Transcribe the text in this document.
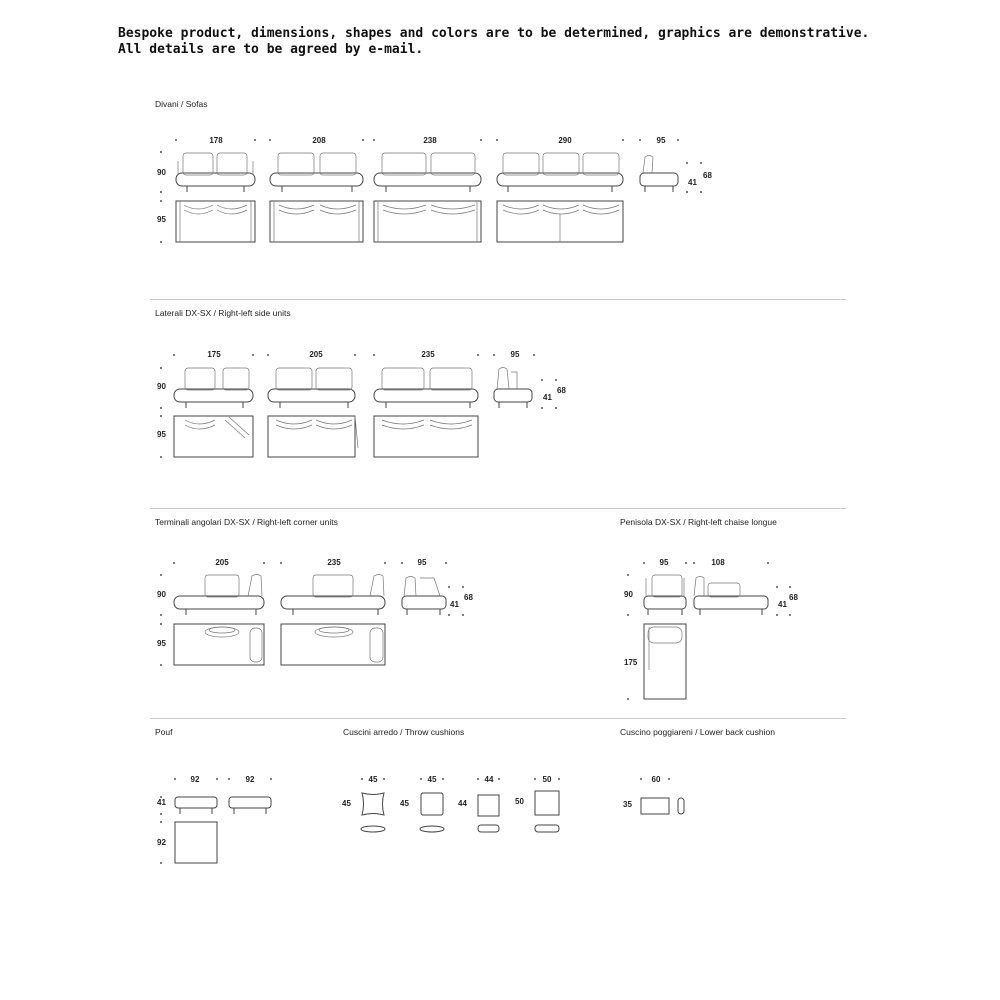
Bespoke product, dimensions, shapes and colors are to be determined, graphics are demonstrative. All details are to be agreed by e-mail.
Divani / Sofas
Laterali DX-SX / Right-left side units
Terminali angolari DX-SX / Right-left corner units	Penisola DX-SX / Right-left chaise longue
Pouf	Cuscini arredo / Throw cushions	Cuscino poggiareni / Lower back cushion
178	208	238	290	95
90
95
41
68
175	205	235	95
90
95
41
68
205	235	95
90
95
41
68
95	108
90
175
41
68
92	92
41
92
45	45	44	50
45	45	44	50
60
35
